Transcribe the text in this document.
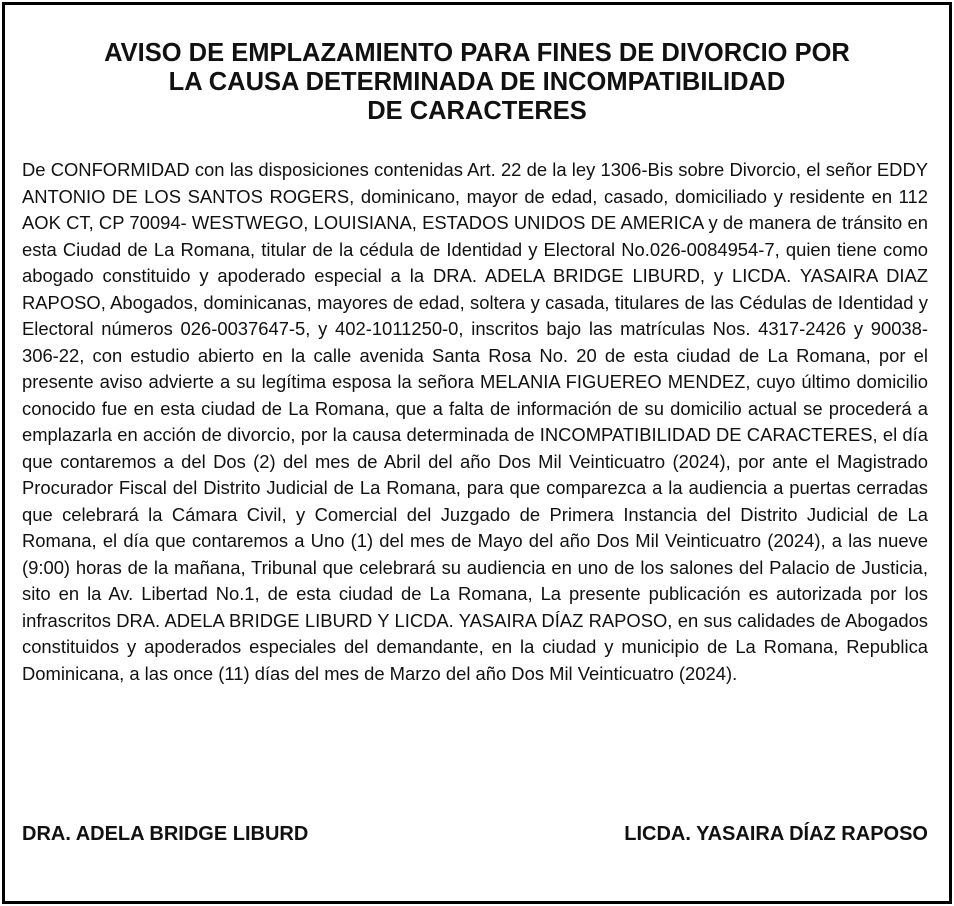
AVISO DE EMPLAZAMIENTO PARA FINES DE DIVORCIO POR
LA CAUSA DETERMINADA DE INCOMPATIBILIDAD
DE CARACTERES

De CONFORMIDAD con las disposiciones contenidas Art. 22 de la ley 1306-Bis sobre Divorcio, el señor EDDY ANTONIO DE LOS SANTOS ROGERS, dominicano, mayor de edad, casado, domiciliado y residente en 112 AOK CT, CP 70094- WESTWEGO, LOUISIANA, ESTADOS UNIDOS DE AMERICA y de manera de tránsito en esta Ciudad de La Romana, titular de la cédula de Identidad y Electoral No.026-0084954-7, quien tiene como abogado constituido y apoderado especial a la DRA. ADELA BRIDGE LIBURD, y LICDA. YASAIRA DIAZ RAPOSO, Abogados, dominicanas, mayores de edad, soltera y casada, titulares de las Cédulas de Identidad y Electoral números 026-0037647-5, y 402-1011250-0, inscritos bajo las matrículas Nos. 4317-2426 y 90038-306-22, con estudio abierto en la calle avenida Santa Rosa No. 20 de esta ciudad de La Romana, por el presente aviso advierte a su legítima esposa la señora MELANIA FIGUEREO MENDEZ, cuyo último domicilio conocido fue en esta ciudad de La Romana, que a falta de información de su domicilio actual se procederá a emplazarla en acción de divorcio, por la causa determinada de INCOMPATIBILIDAD DE CARACTERES, el día que contaremos a del Dos (2) del mes de Abril del año Dos Mil Veinticuatro (2024), por ante el Magistrado Procurador Fiscal del Distrito Judicial de La Romana, para que comparezca a la audiencia a puertas cerradas que celebrará la Cámara Civil, y Comercial del Juzgado de Primera Instancia del Distrito Judicial de La Romana, el día que contaremos a Uno (1) del mes de Mayo del año Dos Mil Veinticuatro (2024), a las nueve (9:00) horas de la mañana, Tribunal que celebrará su audiencia en uno de los salones del Palacio de Justicia, sito en la Av. Libertad No.1, de esta ciudad de La Romana, La presente publicación es autorizada por los infrascritos DRA. ADELA BRIDGE LIBURD Y LICDA. YASAIRA DÍAZ RAPOSO, en sus calidades de Abogados constituidos y apoderados especiales del demandante, en la ciudad y municipio de La Romana, Republica Dominicana, a las once (11) días del mes de Marzo del año Dos Mil Veinticuatro (2024).

DRA. ADELA BRIDGE LIBURD	LICDA. YASAIRA DÍAZ RAPOSO
